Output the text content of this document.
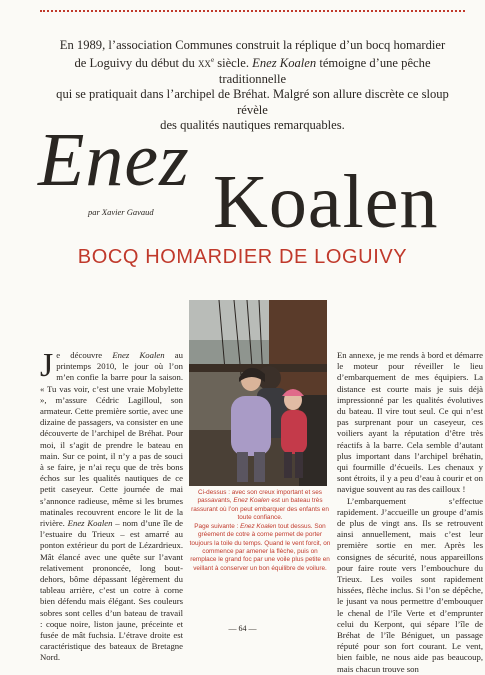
En 1989, l’association Communes construit la réplique d’un bocq homardier

de Loguivy du début du $xx^e$ siècle. Enez Koalen témoigne d’une pêche traditionnelle

qui se pratiquait dans l’archipel de Bréhat. Malgré son allure discrète ce sloup révèle

des qualités nautiques remarquables.

Enez Koalen
par Xavier Gavaud
BOCQ HOMARDIER DE LOGUIVY

Je découvre Enez Koalen au printemps 2010, le jour où l’on m’en confie la barre pour la saison. « Tu vas voir, c’est une vraie Mobylette », m’assure Cédric Lagilloul, son armateur. Cette première sortie, avec une dizaine de passagers, va consister en une découverte de l’archipel de Bréhat. Pour moi, il s’agit de prendre le bateau en main. Sur ce point, il n’y a pas de souci à se faire, je n’ai reçu que de très bons échos sur les qualités nautiques de ce petit caseyeur. Cette journée de mai s’annonce radieuse, même si les brumes matinales recouvrent encore le lit de la rivière. Enez Koalen – nom d’une île de l’estuaire du Trieux – est amarré au ponton extérieur du port de Lézardrieux. Mât élancé avec une quête sur l’avant relativement prononcée, long bout-dehors, bôme dépassant légèrement du tableau arrière, c’est un cotre à corne bien défendu mais élégant. Ses couleurs sobres sont celles d’un bateau de travail : coque noire, liston jaune, préceinte et fusée de mât fuchsia. L’étrave droite est caractéristique des bateaux de Bretagne Nord.

Ci-dessus : avec son creux important et ses passavants, Enez Koalen est un bateau très rassurant où l’on peut embarquer des enfants en toute confiance.

Page suivante : Enez Koalen tout dessus. Son gréement de cotre à corne permet de porter toujours la toile du temps. Quand le vent forcit, on commence par amener la flèche, puis on remplace le grand foc par une voile plus petite en veillant à conserver un bon équilibre de voilure.

En annexe, je me rends à bord et démarre le moteur pour réveiller le lieu d’embarquement de mes équipiers. La distance est courte mais je suis déjà impressionné par les qualités évolutives du bateau. Il vire tout seul. Ce qui n’est pas surprenant pour un caseyeur, ces voiliers ayant la réputation d’être très réactifs à la barre. Cela semble d’autant plus important dans l’archipel bréhatin, qui fourmille d’écueils. Les chenaux y sont étroits, il y a peu d’eau à courir et on navigue souvent au ras des cailloux !

L’embarquement s’effectue rapidement. J’accueille un groupe d’amis de plus de vingt ans. Ils se retrouvent ainsi annuellement, mais c’est leur première sortie en mer. Après les consignes de sécurité, nous appareillons pour faire route vers l’embouchure du Trieux. Les voiles sont rapidement hissées, flèche inclus. Si l’on se dépêche, le jusant va nous permettre d’embouquer le chenal de l’île Verte et d’emprunter celui du Kerpont, qui sépare l’île de Bréhat de l’île Béniguet, un passage réputé pour son fort courant. Le vent, bien faible, ne nous aide pas beaucoup, mais chacun trouve son

— 64 —
